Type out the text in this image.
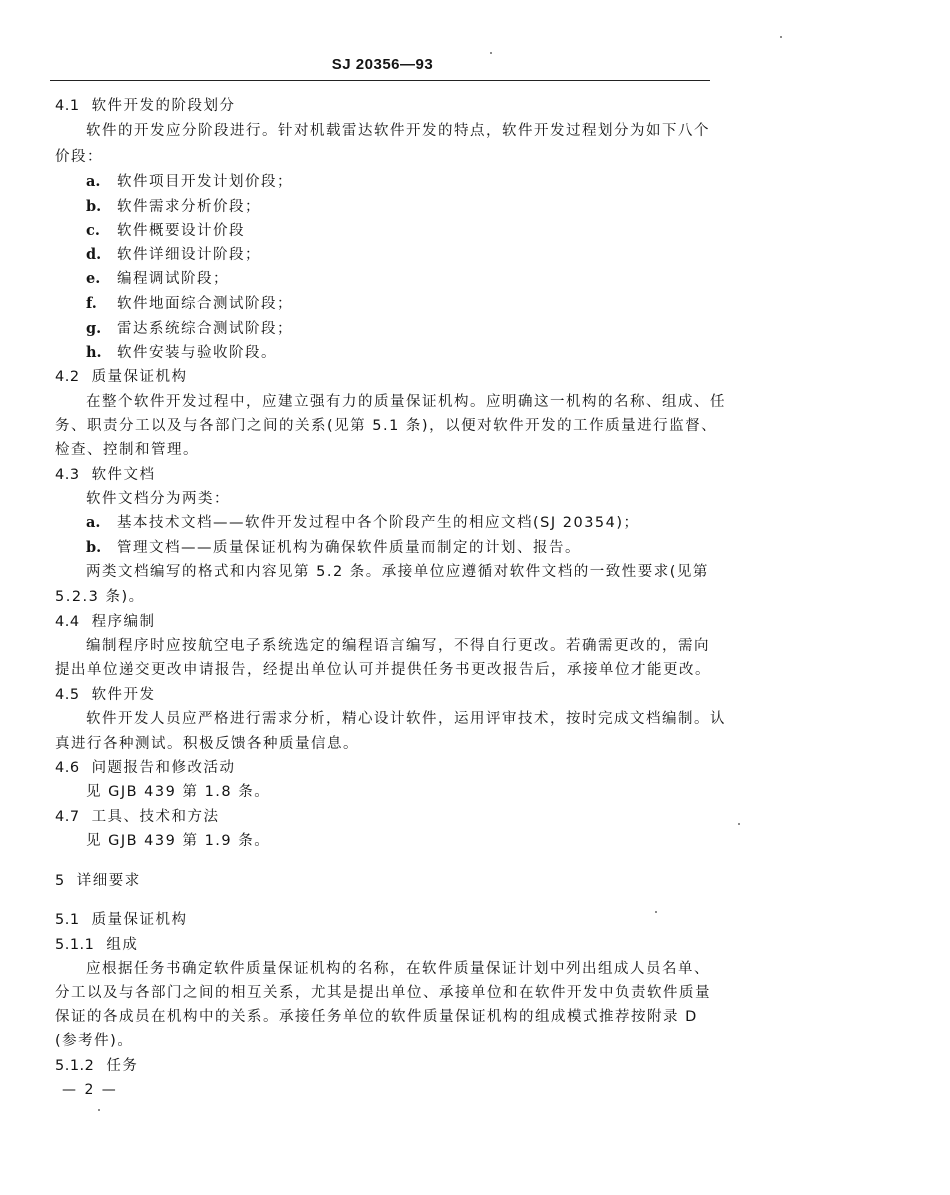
SJ 20356—93
4.1 软件开发的阶段划分
软件的开发应分阶段进行。针对机载雷达软件开发的特点，软件开发过程划分为如下八个
价段：
a. 软件项目开发计划价段；
b. 软件需求分析价段；
c. 软件概要设计价段
d. 软件详细设计阶段；
e. 编程调试阶段；
f. 软件地面综合测试阶段；
g. 雷达系统综合测试阶段；
h. 软件安装与验收阶段。
4.2 质量保证机构
在整个软件开发过程中，应建立强有力的质量保证机构。应明确这一机构的名称、组成、任
务、职责分工以及与各部门之间的关系(见第 5.1 条)，以便对软件开发的工作质量进行监督、
检查、控制和管理。
4.3 软件文档
软件文档分为两类：
a. 基本技术文档——软件开发过程中各个阶段产生的相应文档(SJ 20354)；
b. 管理文档——质量保证机构为确保软件质量而制定的计划、报告。
两类文档编写的格式和内容见第 5.2 条。承接单位应遵循对软件文档的一致性要求(见第
5.2.3 条)。
4.4 程序编制
编制程序时应按航空电子系统选定的编程语言编写，不得自行更改。若确需更改的，需向
提出单位递交更改申请报告，经提出单位认可并提供任务书更改报告后，承接单位才能更改。
4.5 软件开发
软件开发人员应严格进行需求分析，精心设计软件，运用评审技术，按时完成文档编制。认
真进行各种测试。积极反馈各种质量信息。
4.6 问题报告和修改活动
见 GJB 439 第 1.8 条。
4.7 工具、技术和方法
见 GJB 439 第 1.9 条。
5 详细要求
5.1 质量保证机构
5.1.1 组成
应根据任务书确定软件质量保证机构的名称，在软件质量保证计划中列出组成人员名单、
分工以及与各部门之间的相互关系，尤其是提出单位、承接单位和在软件开发中负责软件质量
保证的各成员在机构中的关系。承接任务单位的软件质量保证机构的组成模式推荐按附录 D
(参考件)。
5.1.2 任务
— 2 —
